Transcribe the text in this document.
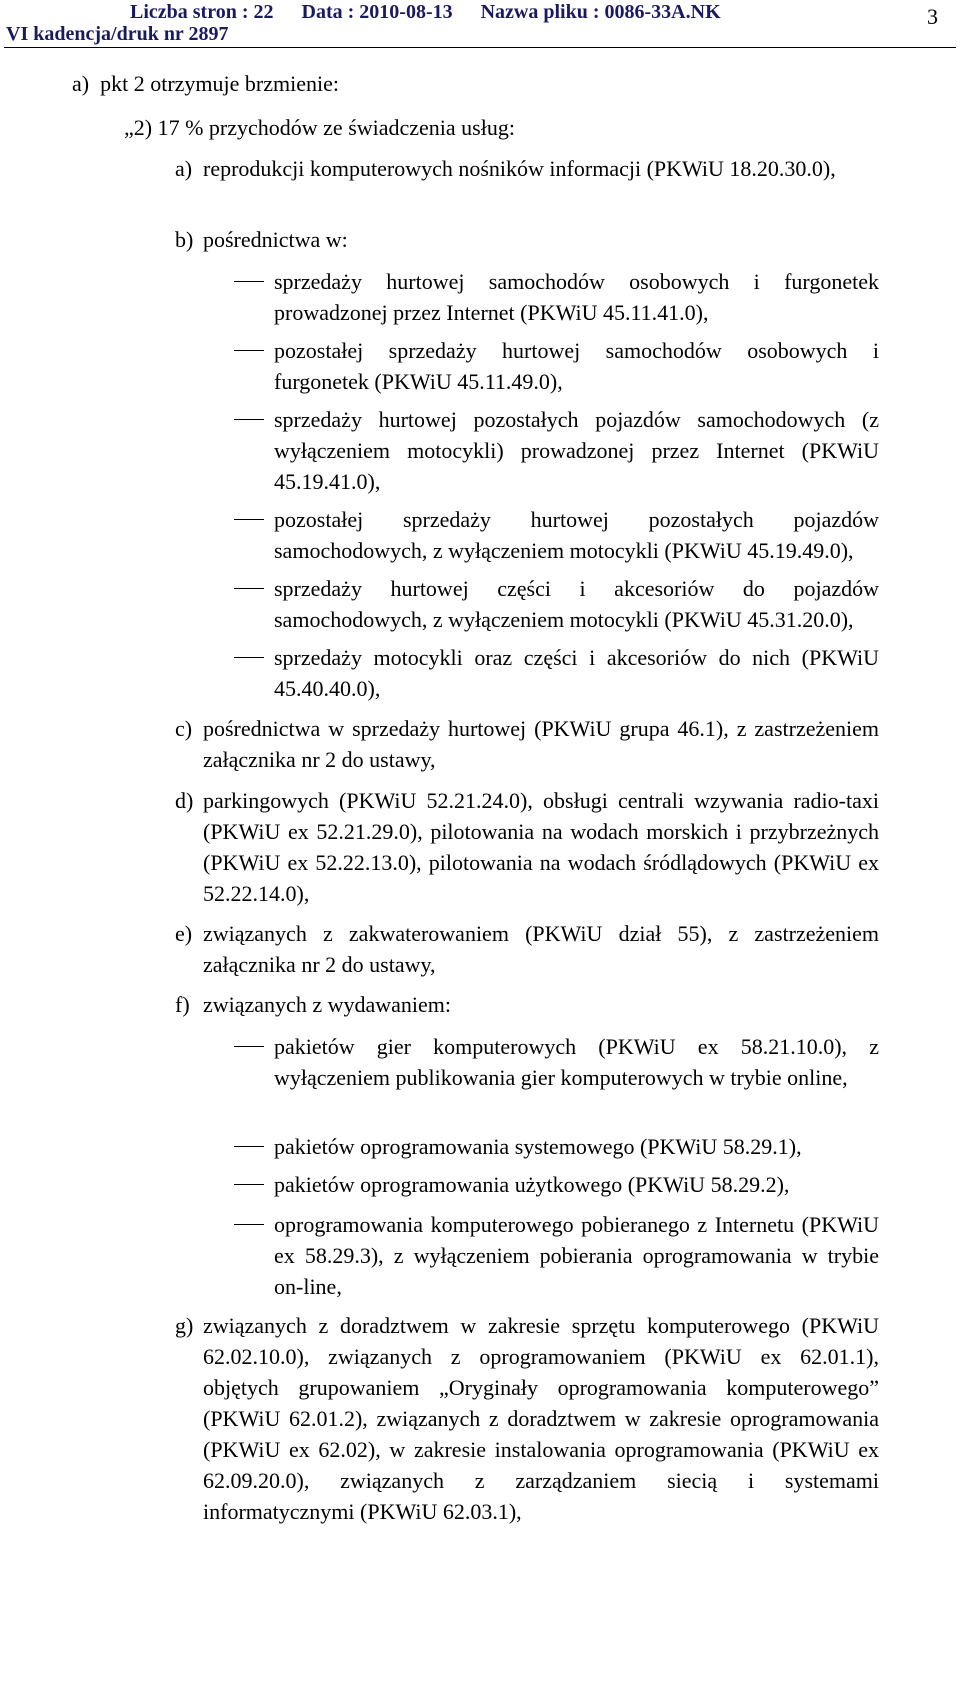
Liczba stron : 22 Data : 2010-08-13 Nazwa pliku : 0086-33A.NK
VI kadencja/druk nr 2897
3
a)  pkt 2 otrzymuje brzmienie:
„2) 17 % przychodów ze świadczenia usług:
a) reprodukcji komputerowych nośników informacji (PKWiU 18.20.30.0),
b) pośrednictwa w:
sprzedaży hurtowej samochodów osobowych i furgonetek prowadzonej przez Internet (PKWiU 45.11.41.0),
pozostałej sprzedaży hurtowej samochodów osobowych i furgonetek (PKWiU 45.11.49.0),
sprzedaży hurtowej pozostałych pojazdów samochodowych (z wyłączeniem motocykli) prowadzonej przez Internet (PKWiU 45.19.41.0),
pozostałej sprzedaży hurtowej pozostałych pojazdów samochodowych, z wyłączeniem motocykli (PKWiU 45.19.49.0),
sprzedaży hurtowej części i akcesoriów do pojazdów samochodowych, z wyłączeniem motocykli (PKWiU 45.31.20.0),
sprzedaży motocykli oraz części i akcesoriów do nich (PKWiU 45.40.40.0),
c) pośrednictwa w sprzedaży hurtowej (PKWiU grupa 46.1), z zastrzeżeniem załącznika nr 2 do ustawy,
d) parkingowych (PKWiU 52.21.24.0), obsługi centrali wzywania radio-taxi (PKWiU ex 52.21.29.0), pilotowania na wodach morskich i przybrzeżnych (PKWiU ex 52.22.13.0), pilotowania na wodach śródlądowych (PKWiU ex 52.22.14.0),
e) związanych z zakwaterowaniem (PKWiU dział 55), z zastrzeżeniem załącznika nr 2 do ustawy,
f) związanych z wydawaniem:
pakietów gier komputerowych (PKWiU ex 58.21.10.0), z wyłączeniem publikowania gier komputerowych w trybie online,
pakietów oprogramowania systemowego (PKWiU 58.29.1),
pakietów oprogramowania użytkowego (PKWiU 58.29.2),
oprogramowania komputerowego pobieranego z Internetu (PKWiU ex 58.29.3), z wyłączeniem pobierania oprogramowania w trybie on-line,
g) związanych z doradztwem w zakresie sprzętu komputerowego (PKWiU 62.02.10.0), związanych z oprogramowaniem (PKWiU ex 62.01.1), objętych grupowaniem „Oryginały oprogramowania komputerowego” (PKWiU 62.01.2), związanych z doradztwem w zakresie oprogramowania (PKWiU ex 62.02), w zakresie instalowania oprogramowania (PKWiU ex 62.09.20.0), związanych z zarządzaniem siecią i systemami informatycznymi (PKWiU 62.03.1),
